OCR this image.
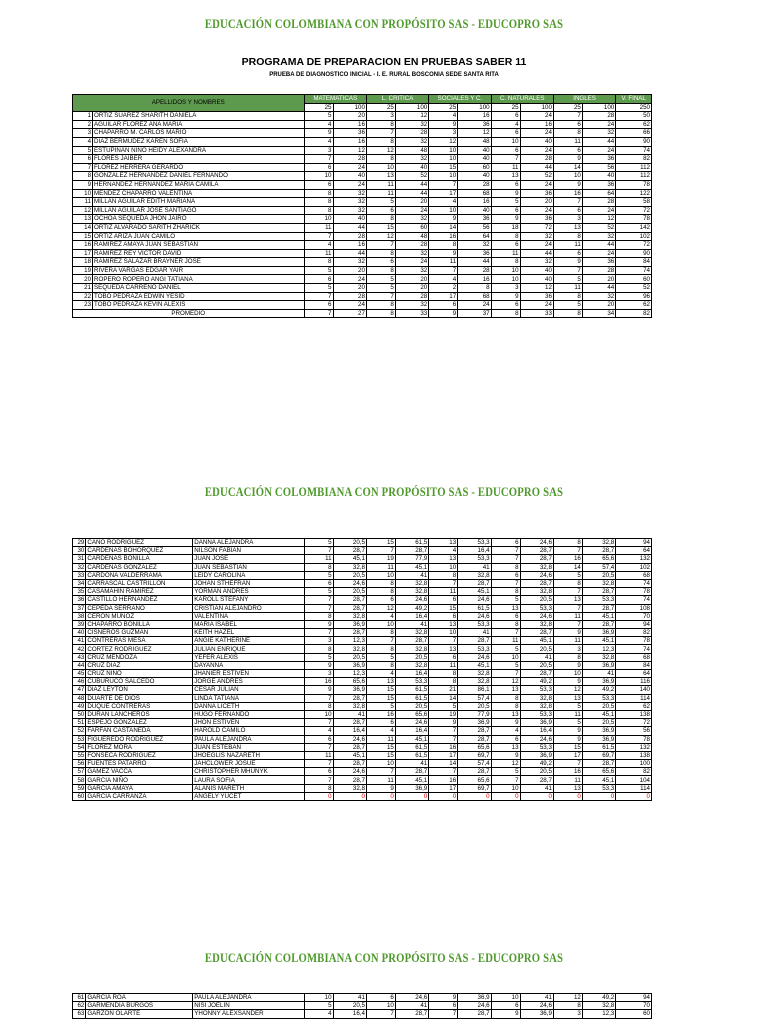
EDUCACIÓN COLOMBIANA CON PROPÓSITO SAS - EDUCOPRO SAS
PROGRAMA DE PREPARACION EN PRUEBAS SABER 11
PRUEBA DE DIAGNOSTICO INICIAL - I. E. RURAL BOSCONIA SEDE SANTA RITA
APELLIDOS Y NOMBRES		MATEMATICAS		L. CRITICA		SOCIALES Y C.		C. NATURALES		INGLES		V. FINAL
		25	100	25	100	25	100	25	100	25	100	250
1	ORTIZ SUAREZ SHARITH DANIELA	5	20	3	12	4	16	6	24	7	28	50
2	AGUILAR FLOREZ ANA MARIA	4	16	8	32	9	36	4	16	6	24	62
3	CHAPARRO M. CARLOS MARIO	9	36	7	28	3	12	6	24	8	32	66
4	DIAZ BERMUDEZ KAREN SOFIA	4	16	8	32	12	48	10	40	11	44	90
5	ESTUPIÑAN NIÑO HEIDY ALEXANDRA	3	12	12	48	10	40	6	24	6	24	74
6	FLORES JAIBER	7	28	8	32	10	40	7	28	9	36	82
7	FLOREZ HERRERA GERARDO	6	24	10	40	15	60	11	44	14	56	112
8	GONZALEZ HERNANDEZ DANIEL FERNANDO	10	40	13	52	10	40	13	52	10	40	112
9	HERNANDEZ HERNANDEZ MARIA CAMILA	6	24	11	44	7	28	6	24	9	36	78
10	MENDEZ CHAPARRO VALENTINA	8	32	11	44	17	68	9	36	16	64	122
11	MILLAN AGUILAR EDITH MARIANA	8	32	5	20	4	16	5	20	7	28	58
12	MILLAN AGUILAR JOSE SANTIAGO	8	32	6	24	10	40	6	24	6	24	72
13	OCHOA SEQUEDA JHON JAIRO	10	40	8	32	9	36	9	36	3	12	78
14	ORTIZ ALVARADO SARITH ZHARICK	11	44	15	60	14	56	18	72	13	52	142
15	ORTIZ ARIZA JUAN CAMILO	7	28	12	48	16	64	8	32	8	32	102
16	RAMIREZ AMAYA JUAN SEBASTIAN	4	16	7	28	8	32	6	24	11	44	72
17	RAMIREZ REY VICTOR DAVID	11	44	8	32	9	36	11	44	6	24	90
18	RAMIREZ SALAZAR BRAYNER JOSE	8	32	6	24	11	44	8	32	9	36	84
19	RIVERA VARGAS EDGAR YAIR	5	20	8	32	7	28	10	40	7	28	74
20	ROPERO ROPERO ANGI TATIANA	6	24	5	20	4	16	10	40	5	20	60
21	SEQUEDA CARREÑO DANIEL	5	20	5	20	2	8	3	12	11	44	52
22	TOBO PEDRAZA EDWIN YESID	7	28	7	28	17	68	9	36	8	32	96
23	TOBO PEDRAZA KEVIN ALEXIS	6	24	8	32	6	24	6	24	5	20	62
PROMEDIO		7	27	8	33	9	37	8	33	8	34	82
EDUCACIÓN COLOMBIANA CON PROPÓSITO SAS - EDUCOPRO SAS
29	CANO RODRIGUEZ	DANNA ALEJANDRA	5	20,5	15	61,5	13	53,3	6	24,6	8	32,8	94
30	CARDENAS BOHORQUEZ	NILSON FABIAN	7	28,7	7	28,7	4	16,4	7	28,7	7	28,7	64
31	CARDENAS BONILLA	JUAN JOSE	11	45,1	19	77,9	13	53,3	7	28,7	16	65,6	132
32	CARDENAS GONZALEZ	JUAN SEBASTIAN	8	32,8	11	45,1	10	41	8	32,8	14	57,4	102
33	CARDONA VALDERRAMA	LEIDY CAROLINA	5	20,5	10	41	8	32,8	6	24,6	5	20,5	68
34	CARRASCAL CASTRILLON	JOHAN STHEFRAN	6	24,6	8	32,8	7	28,7	7	28,7	8	32,8	74
35	CASAMAHIN RAMIREZ	YORMAN ANDRES	5	20,5	8	32,8	11	45,1	8	32,8	7	28,7	78
36	CASTILLO HERNANDEZ	KAROLL STEFANY	7	28,7	6	24,6	6	24,6	5	20,5	13	53,3	74
37	CEPEDA SERRANO	CRISTIAN ALEJANDRO	7	28,7	12	49,2	15	61,5	13	53,3	7	28,7	108
38	CERON MUÑOZ	VALENTINA	8	32,8	4	16,4	6	24,6	6	24,6	11	45,1	70
39	CHAPARRO BONILLA	MARIA ISABEL	9	36,9	10	41	13	53,3	8	32,8	7	28,7	94
40	CISNEROS GUZMAN	KEITH HAZEL	7	28,7	8	32,8	10	41	7	28,7	9	36,9	82
41	CONTRERAS MESA	ANGIE KATHERINE	3	12,3	7	28,7	7	28,7	11	45,1	11	45,1	78
42	CORTEZ RODRIGUEZ	JULIAN ENRIQUE	8	32,8	8	32,8	13	53,3	5	20,5	3	12,3	74
43	CRUZ MENDOZA	YEFER ALEXIS	5	20,5	5	20,5	6	24,6	10	41	8	32,8	68
44	CRUZ DIAZ	DAYANNA	9	36,9	8	32,8	11	45,1	5	20,5	9	36,9	84
45	CRUZ NIÑO	JHANIER ESTIVEN	3	12,3	4	16,4	8	32,8	7	28,7	10	41	64
46	CUBURUCO SALCEDO	JORGE ANDRES	16	65,6	13	53,3	8	32,8	12	49,2	9	36,9	116
47	DIAZ LEYTON	CESAR JULIAN	9	36,9	15	61,5	21	86,1	13	53,3	12	49,2	140
48	DUARTE DE DIOS	LINDA TATIANA	7	28,7	15	61,5	14	57,4	8	32,8	13	53,3	114
49	DUQUE CONTRERAS	DANNA LICETH	8	32,8	5	20,5	5	20,5	8	32,8	5	20,5	62
50	DURAN LANCHEROS	HUGO FERNANDO	10	41	16	65,6	19	77,9	13	53,3	11	45,1	138
51	ESPEJO GONZALEZ	JHON ESTIVEN	7	28,7	6	24,6	9	36,9	9	36,9	5	20,5	72
52	FARFAN CASTAÑEDA	HAROLD CAMILO	4	16,4	4	16,4	7	28,7	4	16,4	9	36,9	56
53	FIGUEREDO RODRIGUEZ	PAULA ALEJANDRA	6	24,6	11	45,1	7	28,7	6	24,6	9	36,9	78
54	FLOREZ MORA	JUAN ESTEBAN	7	28,7	15	61,5	16	65,6	13	53,3	15	61,5	132
55	FONSECA RODRIGUEZ	JHOEGLIS NAZARETH	11	45,1	15	61,5	17	69,7	9	36,9	17	69,7	138
56	FUENTES PATARRO	JAHCLOWER JOSUE	7	28,7	10	41	14	57,4	12	49,2	7	28,7	100
57	GAMEZ VACCA	CHRISTOPHER MHUNYK	6	24,6	7	28,7	7	28,7	5	20,5	16	65,6	82
58	GARCIA NIÑO	LAURA SOFIA	7	28,7	11	45,1	16	65,6	7	28,7	11	45,1	104
59	GARCIA AMAYA	ALANIS MARETH	8	32,8	9	36,9	17	69,7	10	41	13	53,3	114
60	GARCIA CARRANZA	ANGELY YUCET	0	0	0	0	0	0	0	0	0	0	0
EDUCACIÓN COLOMBIANA CON PROPÓSITO SAS - EDUCOPRO SAS
61	GARCIA ROA	PAULA ALEJANDRA	10	41	6	24,6	9	36,9	10	41	12	49,2	94
62	GARMENDIA BURGOS	NISI JOELIN	5	20,5	10	41	6	24,6	6	24,6	8	32,8	70
63	GARZON OLARTE	YHONNY ALEXSANDER	4	16,4	7	28,7	7	28,7	9	36,9	3	12,3	60
